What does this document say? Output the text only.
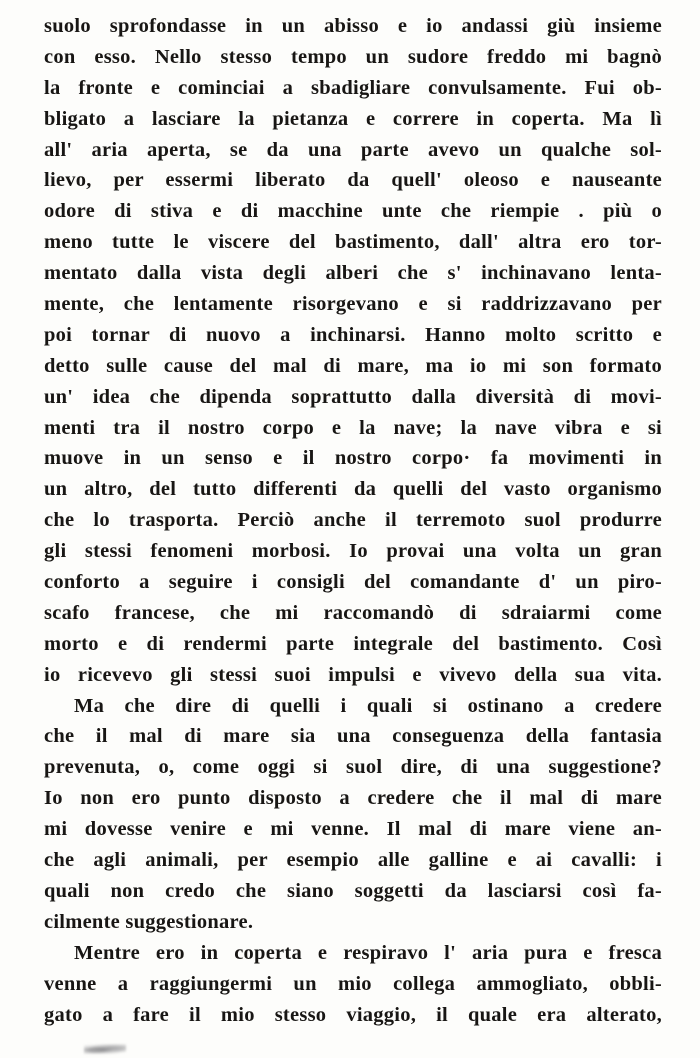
suolo sprofondasse in un abisso e io andassi giù insieme
con esso. Nello stesso tempo un sudore freddo mi bagnò
la fronte e cominciai a sbadigliare convulsamente. Fui ob-
bligato a lasciare la pietanza e correre in coperta. Ma lì
all' aria aperta, se da una parte avevo un qualche sol-
lievo, per essermi liberato da quell' oleoso e nauseante
odore di stiva e di macchine unte che riempie . più o
meno tutte le viscere del bastimento, dall' altra ero tor-
mentato dalla vista degli alberi che s' inchinavano lenta-
mente, che lentamente risorgevano e si raddrizzavano per
poi tornar di nuovo a inchinarsi. Hanno molto scritto e
detto sulle cause del mal di mare, ma io mi son formato
un' idea che dipenda soprattutto dalla diversità di movi-
menti tra il nostro corpo e la nave; la nave vibra e si
muove in un senso e il nostro corpo· fa movimenti in
un altro, del tutto differenti da quelli del vasto organismo
che lo trasporta. Perciò anche il terremoto suol produrre
gli stessi fenomeni morbosi. Io provai una volta un gran
conforto a seguire i consigli del comandante d' un piro-
scafo francese, che mi raccomandò di sdraiarmi come
morto e di rendermi parte integrale del bastimento. Così
io ricevevo gli stessi suoi impulsi e vivevo della sua vita.
Ma che dire di quelli i quali si ostinano a credere
che il mal di mare sia una conseguenza della fantasia
prevenuta, o, come oggi si suol dire, di una suggestione?
Io non ero punto disposto a credere che il mal di mare
mi dovesse venire e mi venne. Il mal di mare viene an-
che agli animali, per esempio alle galline e ai cavalli: i
quali non credo che siano soggetti da lasciarsi così fa-
cilmente suggestionare.
Mentre ero in coperta e respiravo l' aria pura e fresca
venne a raggiungermi un mio collega ammogliato, obbli-
gato a fare il mio stesso viaggio, il quale era alterato,
